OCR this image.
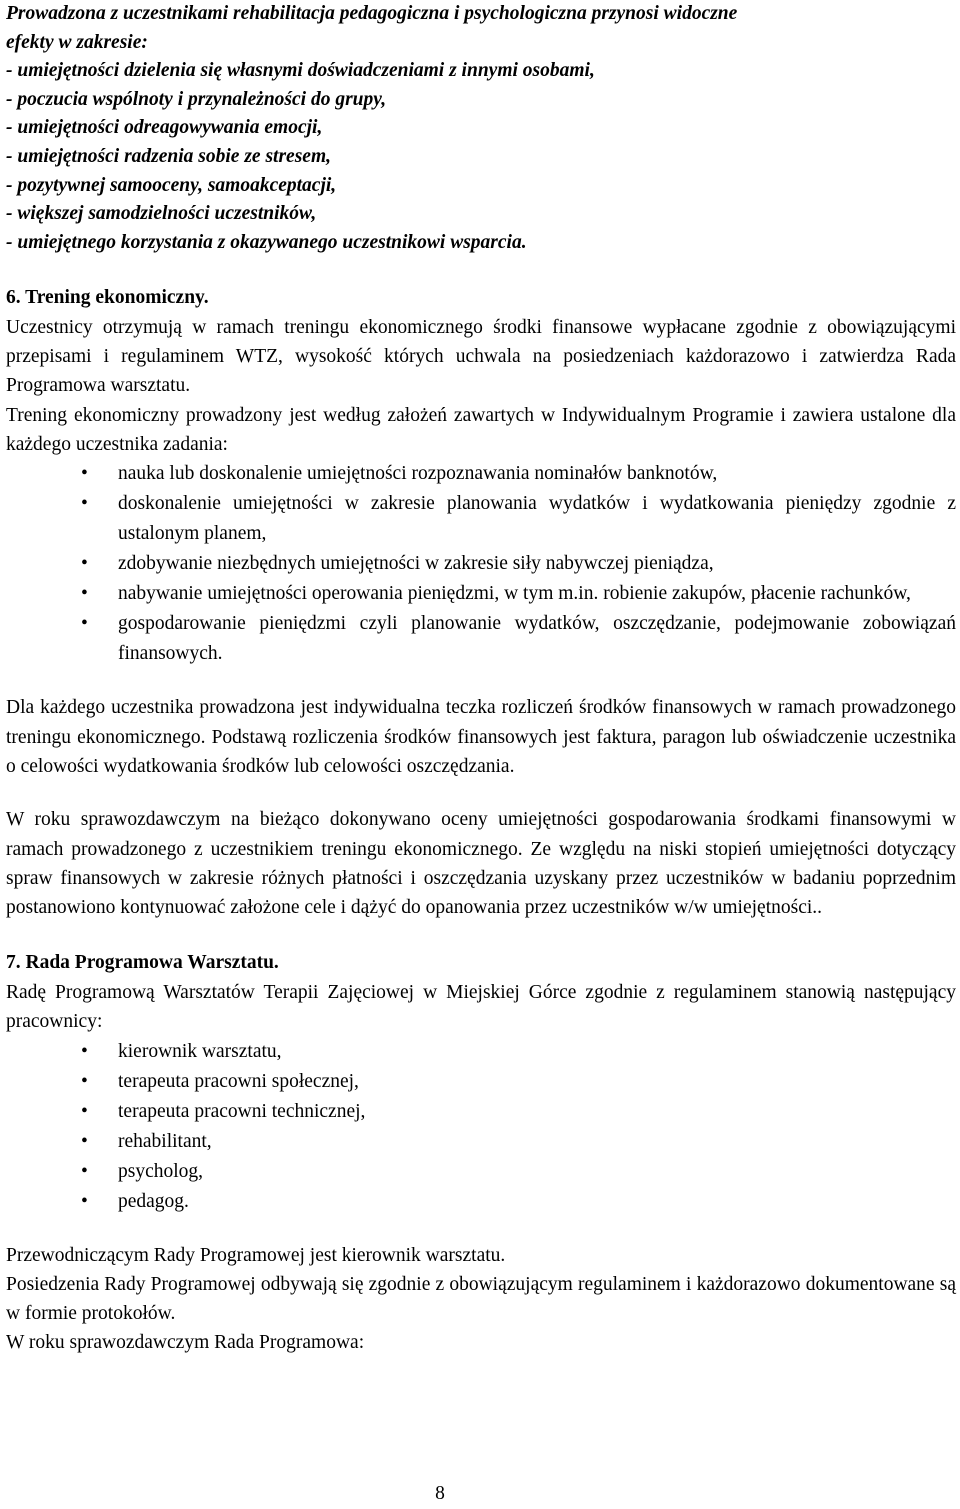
Prowadzona z uczestnikami rehabilitacja pedagogiczna i psychologiczna przynosi widoczne

efekty w zakresie:

- umiejętności dzielenia się własnymi doświadczeniami z innymi osobami,

- poczucia wspólnoty i przynależności do grupy,

- umiejętności odreagowywania emocji,

- umiejętności radzenia sobie ze stresem,

- pozytywnej samooceny, samoakceptacji,

- większej samodzielności uczestników,

- umiejętnego korzystania z okazywanego uczestnikowi wsparcia.

6. Trening ekonomiczny.

Uczestnicy otrzymują w ramach treningu ekonomicznego środki finansowe wypłacane zgodnie z obowiązującymi przepisami i regulaminem WTZ, wysokość których uchwala na posiedzeniach każdorazowo i zatwierdza Rada Programowa warsztatu.

Trening ekonomiczny prowadzony jest według założeń zawartych w Indywidualnym Programie i zawiera ustalone dla każdego uczestnika zadania:

• nauka lub doskonalenie umiejętności rozpoznawania nominałów banknotów,
• doskonalenie umiejętności w zakresie planowania wydatków i wydatkowania pieniędzy zgodnie z ustalonym planem,
• zdobywanie niezbędnych umiejętności w zakresie siły nabywczej pieniądza,
• nabywanie umiejętności operowania pieniędzmi, w tym m.in. robienie zakupów, płacenie rachunków,
• gospodarowanie pieniędzmi czyli planowanie wydatków, oszczędzanie, podejmowanie zobowiązań finansowych.

Dla każdego uczestnika prowadzona jest indywidualna teczka rozliczeń środków finansowych w ramach prowadzonego treningu ekonomicznego. Podstawą rozliczenia środków finansowych jest faktura, paragon lub oświadczenie uczestnika o celowości wydatkowania środków lub celowości oszczędzania.

W roku sprawozdawczym na bieżąco dokonywano oceny umiejętności gospodarowania środkami finansowymi w ramach prowadzonego z uczestnikiem treningu ekonomicznego. Ze względu na niski stopień umiejętności dotyczący spraw finansowych w zakresie różnych płatności i oszczędzania uzyskany przez uczestników w badaniu poprzednim postanowiono kontynuować założone cele i dążyć do opanowania przez uczestników w/w umiejętności..

7. Rada Programowa Warsztatu.

Radę Programową Warsztatów Terapii Zajęciowej w Miejskiej Górce zgodnie z regulaminem stanowią następujący pracownicy:

• kierownik warsztatu,
• terapeuta pracowni społecznej,
• terapeuta pracowni technicznej,
• rehabilitant,
• psycholog,
• pedagog.

Przewodniczącym Rady Programowej jest kierownik warsztatu.

Posiedzenia Rady Programowej odbywają się zgodnie z obowiązującym regulaminem i każdorazowo dokumentowane są w formie protokołów.

W roku sprawozdawczym Rada Programowa:

8
